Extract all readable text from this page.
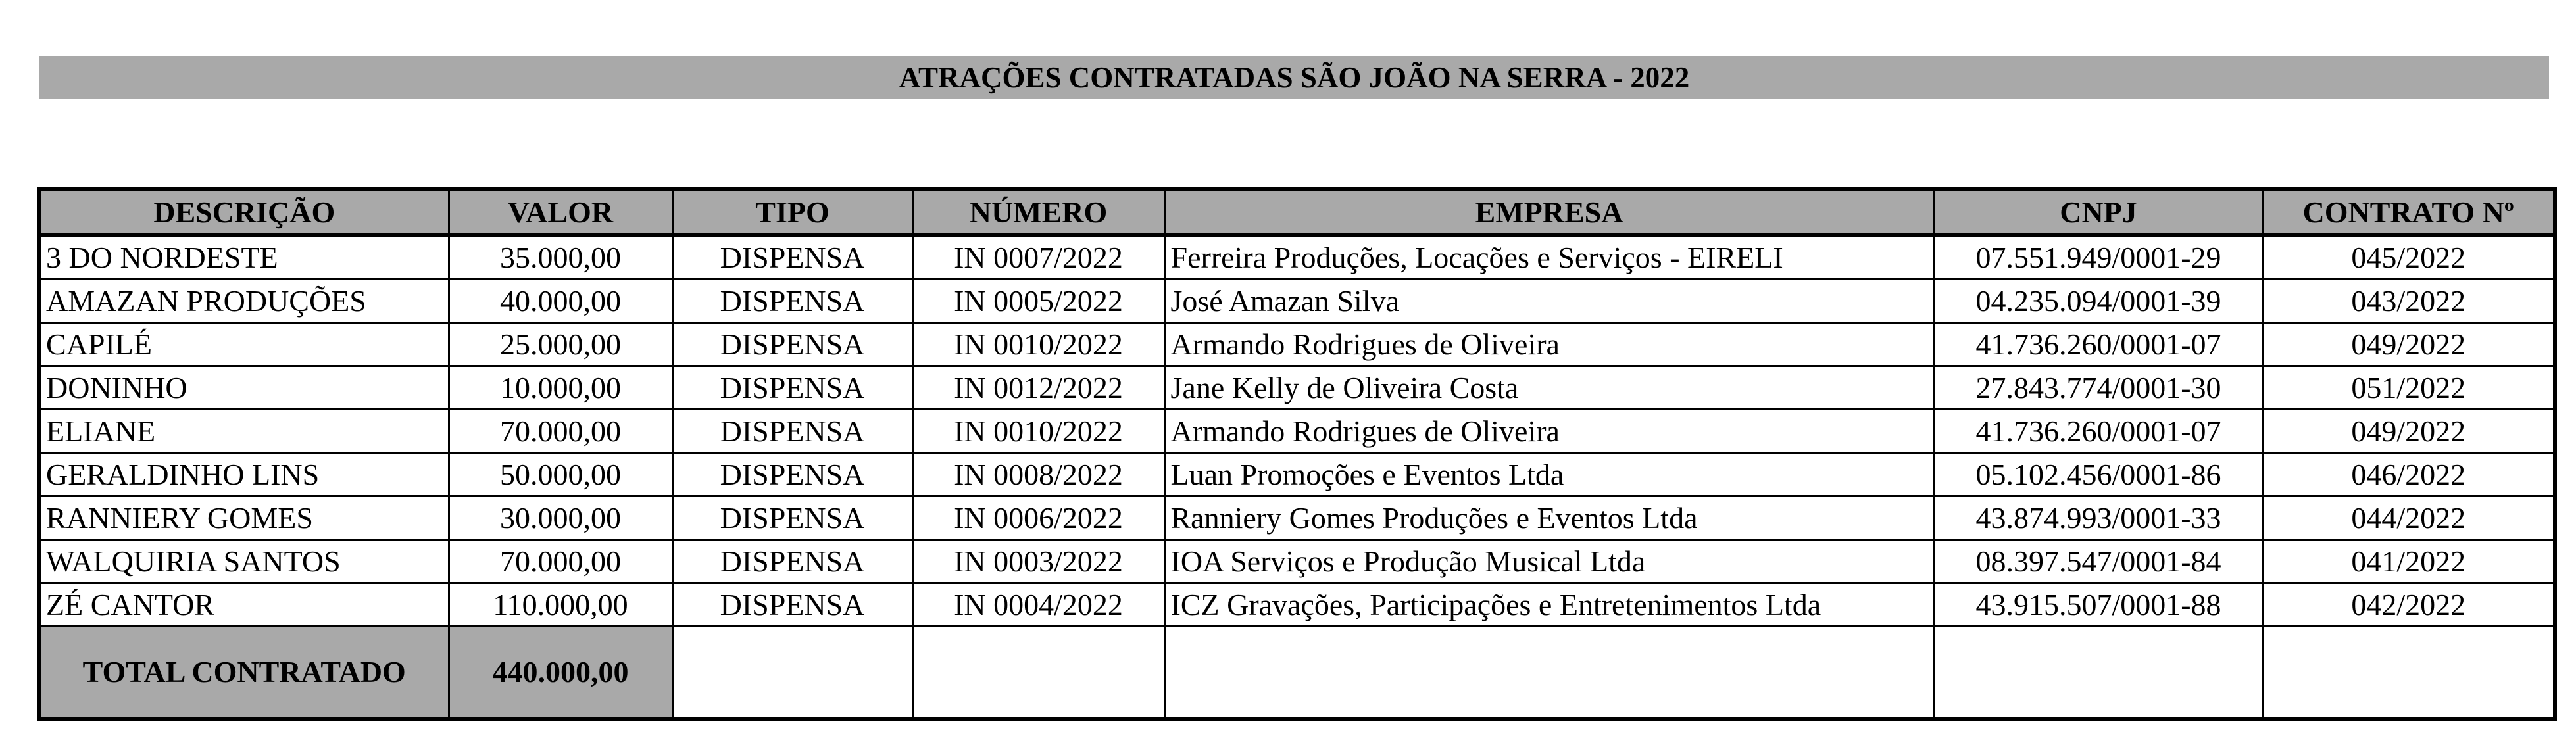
ATRAÇÕES CONTRATADAS SÃO JOÃO NA SERRA - 2022
DESCRIÇÃO	VALOR	TIPO	NÚMERO	EMPRESA	CNPJ	CONTRATO Nº
3 DO NORDESTE	35.000,00	DISPENSA	IN 0007/2022	Ferreira Produções, Locações e Serviços - EIRELI	07.551.949/0001-29	045/2022
AMAZAN PRODUÇÕES	40.000,00	DISPENSA	IN 0005/2022	José Amazan Silva	04.235.094/0001-39	043/2022
CAPILÉ	25.000,00	DISPENSA	IN 0010/2022	Armando Rodrigues de Oliveira	41.736.260/0001-07	049/2022
DONINHO	10.000,00	DISPENSA	IN 0012/2022	Jane Kelly de Oliveira Costa	27.843.774/0001-30	051/2022
ELIANE	70.000,00	DISPENSA	IN 0010/2022	Armando Rodrigues de Oliveira	41.736.260/0001-07	049/2022
GERALDINHO LINS	50.000,00	DISPENSA	IN 0008/2022	Luan Promoções e Eventos Ltda	05.102.456/0001-86	046/2022
RANNIERY GOMES	30.000,00	DISPENSA	IN 0006/2022	Ranniery Gomes Produções e Eventos Ltda	43.874.993/0001-33	044/2022
WALQUIRIA SANTOS	70.000,00	DISPENSA	IN 0003/2022	IOA Serviços e Produção Musical Ltda	08.397.547/0001-84	041/2022
ZÉ CANTOR	110.000,00	DISPENSA	IN 0004/2022	ICZ Gravações, Participações e Entretenimentos Ltda	43.915.507/0001-88	042/2022
TOTAL CONTRATADO	440.000,00					
